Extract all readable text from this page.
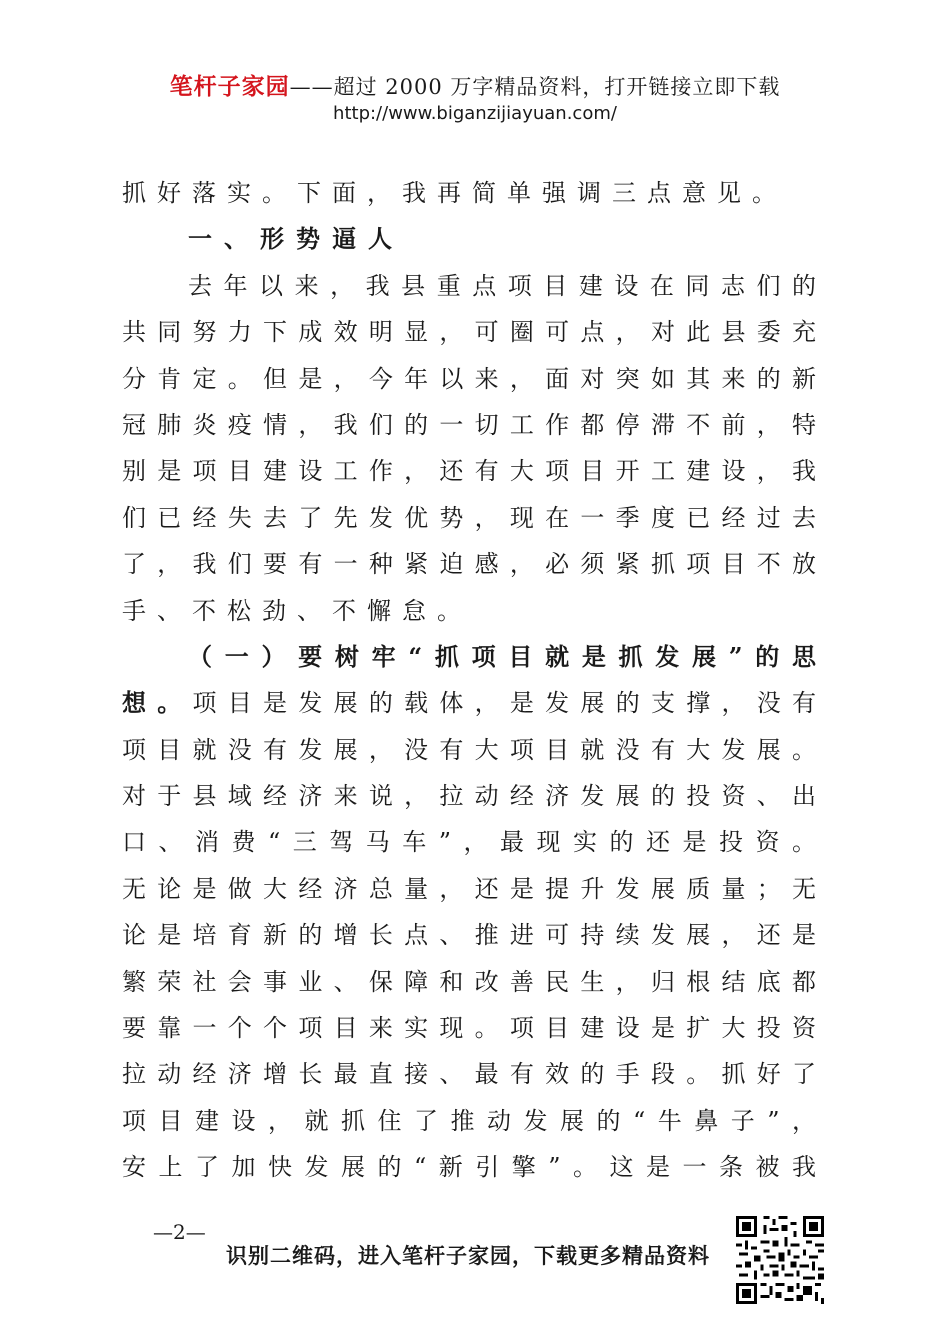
笔杆子家园——超过 2000 万字精品资料，打开链接立即下载
http://www.biganzijiayuan.com/
抓好落实。下面，我再简单强调三点意见。
一、形势逼人
去年以来，我县重点项目建设在同志们的
共同努力下成效明显，可圈可点，对此县委充
分肯定。但是，今年以来，面对突如其来的新
冠肺炎疫情，我们的一切工作都停滞不前，特
别是项目建设工作，还有大项目开工建设，我
们已经失去了先发优势，现在一季度已经过去
了，我们要有一种紧迫感，必须紧抓项目不放
手、不松劲、不懈怠。
（一）要树牢“抓项目就是抓发展”的思
想。项目是发展的载体，是发展的支撑，没有
项目就没有发展，没有大项目就没有大发展。
对于县域经济来说，拉动经济发展的投资、出
口、消费“三驾马车”，最现实的还是投资。
无论是做大经济总量，还是提升发展质量；无
论是培育新的增长点、推进可持续发展，还是
繁荣社会事业、保障和改善民生，归根结底都
要靠一个个项目来实现。项目建设是扩大投资
拉动经济增长最直接、最有效的手段。抓好了
项目建设，就抓住了推动发展的“牛鼻子”，
安上了加快发展的“新引擎”。这是一条被我
—2—
识别二维码，进入笔杆子家园，下载更多精品资料
